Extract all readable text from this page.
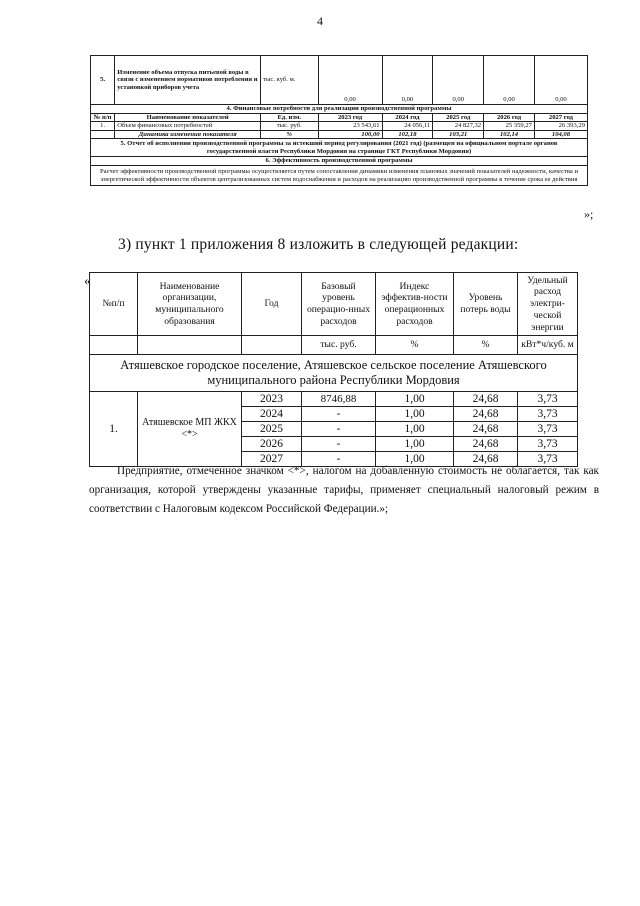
4
5.	Изменение объема отпуска питьевой воды в связи с изменением нормативов потребления и установкой приборов учета	тыс. куб. м.	0,00	0,00	0,00	0,00	0,00
4. Финансовые потребности для реализации производственной программы							
№ п/п	Наименование показателей	Ед. изм.	2023 год	2024 год	2025 год	2026 год	2027 год
1.	Объем финансовых потребностей	тыс. руб.	23 543,61	24 056,11	24 827,32	25 359,27	26 393,29
	Динамика изменения показателя	%	100,00	102,18	103,21	102,14	104,08
5. Отчет об исполнении производственной программы за истекший период регулирования (2021 год) (размещен на официальном портале органов государственной власти Республики Мордовия на странице ГКТ Республики Мордовия)							
6. Эффективность производственной программы							
Расчет эффективности производственной программы осуществляется путем сопоставления динамики изменения плановых значений показателей надежности, качества и энергетической эффективности объектов централизованных систем водоснабжения и расходов на реализацию производственной программы в течение срока ее действия							
»;
3) пункт 1 приложения 8 изложить в следующей редакции:
«
№п/п	Наименование организации, муниципального образования	Год	Базовый уровень операцио-нных расходов	Индекс эффектив-ности операционных расходов	Уровень потерь воды	Удельный расход электри-ческой энергии
			тыс. руб.	%	%	кВт*ч/куб. м
Атяшевское городское поселение, Атяшевское сельское поселение Атяшевского муниципального района Республики Мордовия						
1.	Атяшевское МП ЖКХ <*>	2023	8746,88	1,00	24,68	3,73
		2024	-	1,00	24,68	3,73
		2025	-	1,00	24,68	3,73
		2026	-	1,00	24,68	3,73
		2027	-	1,00	24,68	3,73
Предприятие, отмеченное значком <*>, налогом на добавленную стоимость не облагается, так как организация, которой утверждены указанные тарифы, применяет специальный налоговый режим в соответствии с Налоговым кодексом Российской Федерации.»;
